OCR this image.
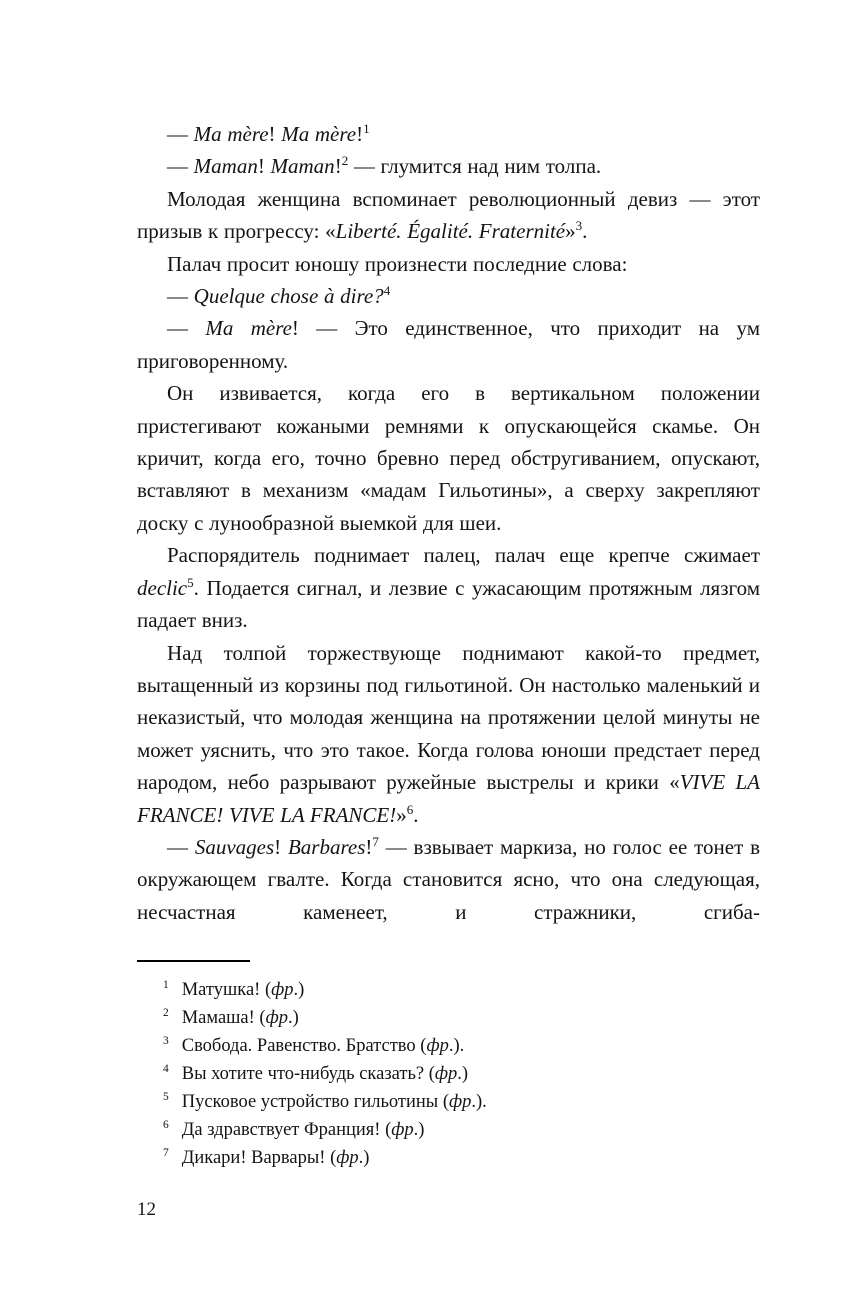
— Ma mère! Ma mère!$^1$

— Maman! Maman!$^2$ — глумится над ним толпа.

Молодая женщина вспоминает революционный девиз — этот призыв к прогрессу: «Liberté. Égalité. Fraternité»$^3$.

Палач просит юношу произнести последние слова:

— Quelque chose à dire?$^4$

— Ma mère! — Это единственное, что приходит на ум приговоренному.

Он извивается, когда его в вертикальном положении пристегивают кожаными ремнями к опускающейся скамье. Он кричит, когда его, точно бревно перед обстругиванием, опускают, вставляют в механизм «мадам Гильотины», а сверху закрепляют доску с лунообразной выемкой для шеи.

Распорядитель поднимает палец, палач еще крепче сжимает declic$^5$. Подается сигнал, и лезвие с ужасающим протяжным лязгом падает вниз.

Над толпой торжествующе поднимают какой-то предмет, вытащенный из корзины под гильотиной. Он настолько маленький и неказистый, что молодая женщина на протяжении целой минуты не может уяснить, что это такое. Когда голова юноши предстает перед народом, небо разрывают ружейные выстрелы и крики «VIVE LA FRANCE! VIVE LA FRANCE!»$^6$.

— Sauvages! Barbares!$^7$ — взвывает маркиза, но голос ее тонет в окружающем гвалте. Когда становится ясно, что она следующая, несчастная каменеет, и стражники, сгиба-

$^1$ Матушка! (фр.)
$^2$ Мамаша! (фр.)
$^3$ Свобода. Равенство. Братство (фр.).
$^4$ Вы хотите что-нибудь сказать? (фр.)
$^5$ Пусковое устройство гильотины (фр.).
$^6$ Да здравствует Франция! (фр.)
$^7$ Дикари! Варвары! (фр.)
12
